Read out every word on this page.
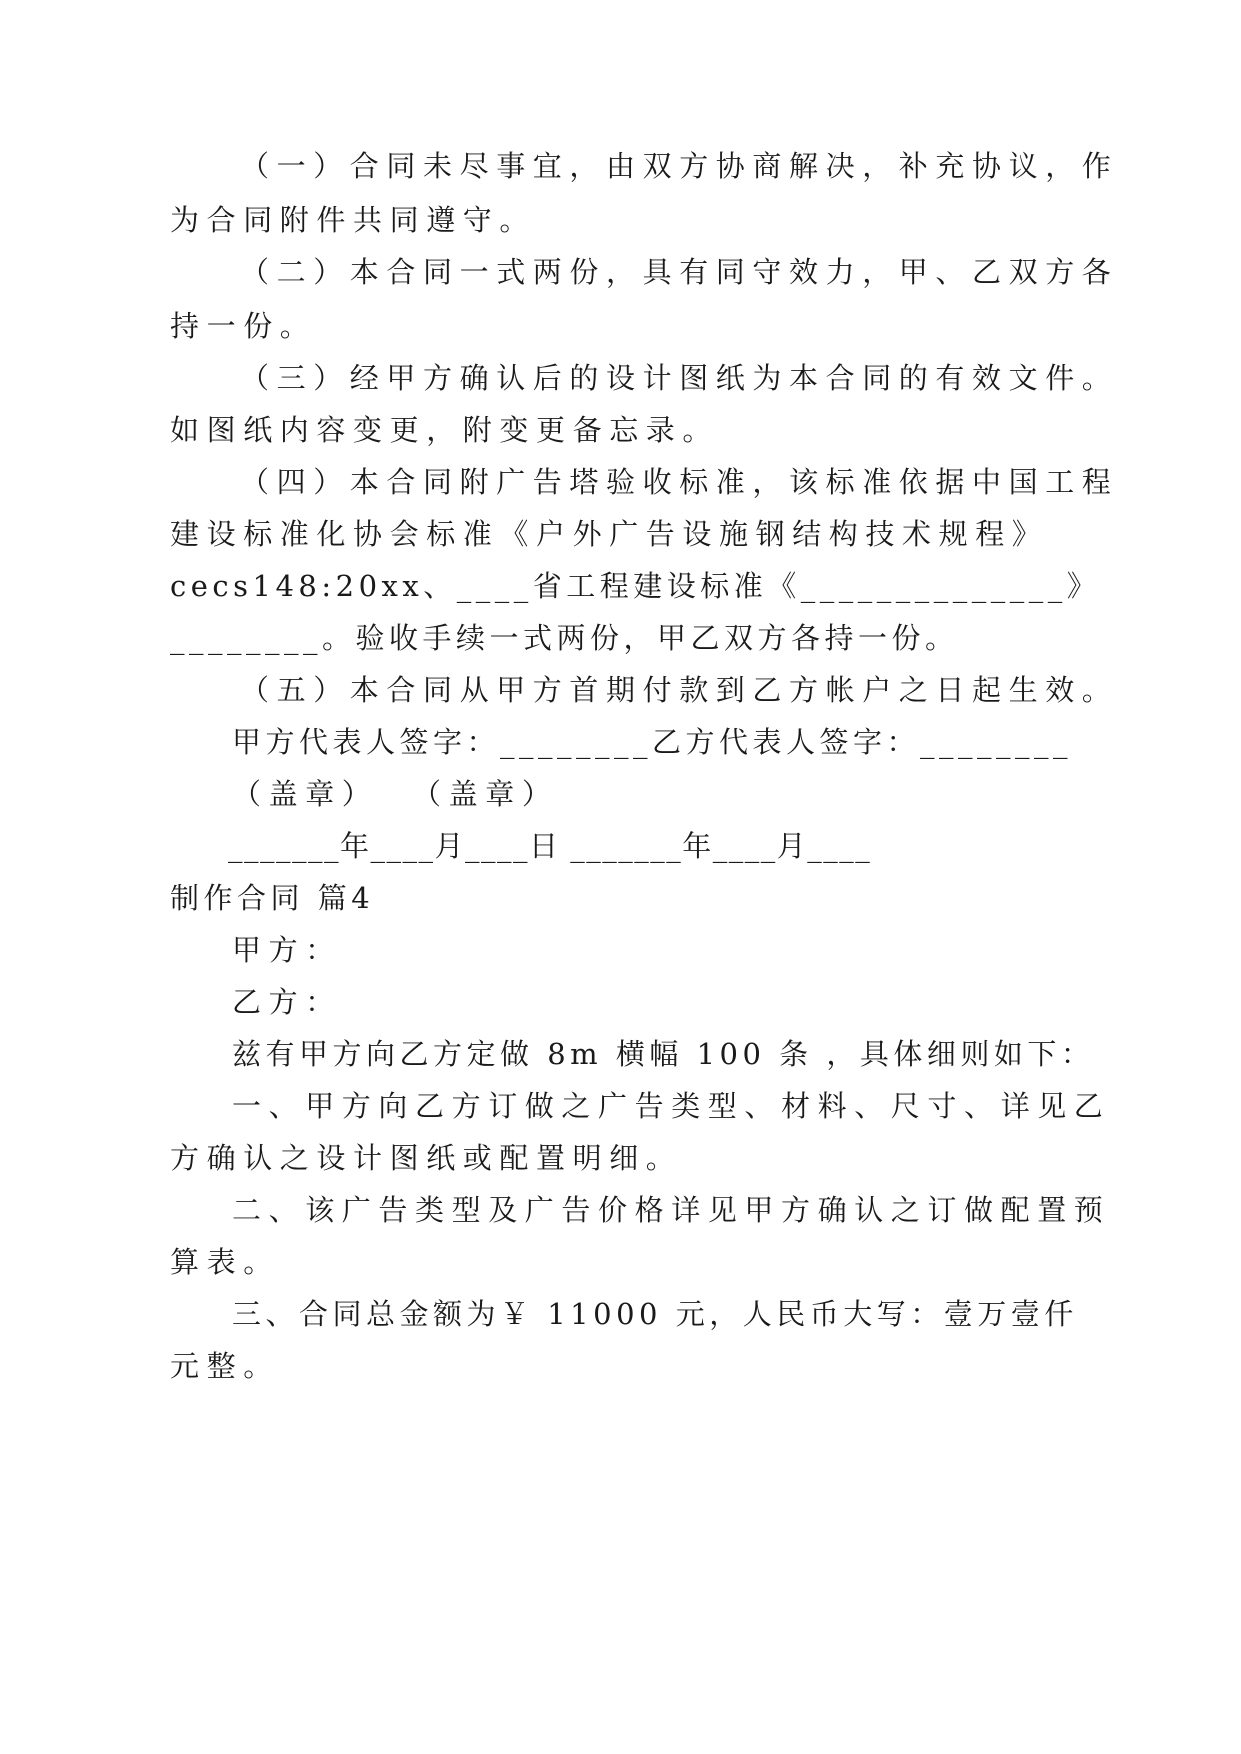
（一）合同未尽事宜，由双方协商解决，补充协议，作

为合同附件共同遵守。

（二）本合同一式两份，具有同守效力，甲、乙双方各

持一份。

（三）经甲方确认后的设计图纸为本合同的有效文件。

如图纸内容变更，附变更备忘录。

（四）本合同附广告塔验收标准，该标准依据中国工程

建设标准化协会标准《户外广告设施钢结构技术规程》

cecs148:20xx、____省工程建设标准《______________》

________。验收手续一式两份，甲乙双方各持一份。

（五）本合同从甲方首期付款到乙方帐户之日起生效。

甲方代表人签字：________乙方代表人签字：________

（盖章）  （盖章）

_______年____月____日 _______年____月____

制作合同 篇4

甲方：

乙方：

兹有甲方向乙方定做 8m 横幅 100 条 ，具体细则如下：

一、甲方向乙方订做之广告类型、材料、尺寸、详见乙

方确认之设计图纸或配置明细。

二、该广告类型及广告价格详见甲方确认之订做配置预

算表。

三、合同总金额为￥ 11000 元，人民币大写：壹万壹仟

元整。
